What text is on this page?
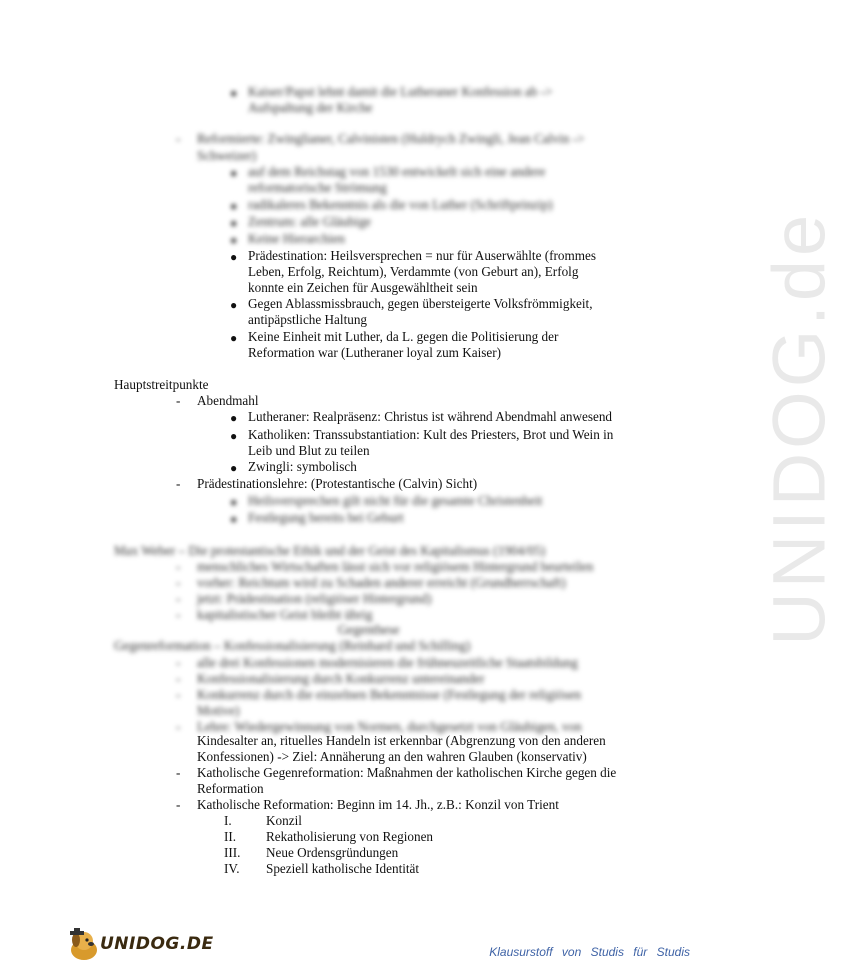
UNIDOG.de
● Kaiser/Papst lehnt damit die Lutheraner Konfession ab ->
Aufspaltung der Kirche
- Reformierte: Zwinglianer, Calvinisten (Huldrych Zwingli, Jean Calvin ->
Schweizer)
● auf dem Reichstag von 1530 entwickelt sich eine andere
reformatorische Strömung
● radikaleres Bekenntnis als die von Luther (Schriftprinzip)
● Zentrum: alle Gläubige
● Keine Hierarchien
● Prädestination: Heilsversprechen = nur für Auserwählte (frommes
Leben, Erfolg, Reichtum), Verdammte (von Geburt an), Erfolg
konnte ein Zeichen für Ausgewähltheit sein
● Gegen Ablassmissbrauch, gegen übersteigerte Volksfrömmigkeit,
antipäpstliche Haltung
● Keine Einheit mit Luther, da L. gegen die Politisierung der
Reformation war (Lutheraner loyal zum Kaiser)
Hauptstreitpunkte
- Abendmahl
● Lutheraner: Realpräsenz: Christus ist während Abendmahl anwesend
● Katholiken: Transsubstantiation: Kult des Priesters, Brot und Wein in
Leib und Blut zu teilen
● Zwingli: symbolisch
- Prädestinationslehre: (Protestantische (Calvin) Sicht)
● Heilsversprechen gilt nicht für die gesamte Christenheit
● Festlegung bereits bei Geburt
Max Weber – Die protestantische Ethik und der Geist des Kapitalismus (1904/05)
- menschliches Wirtschaften lässt sich vor religiösem Hintergrund beurteilen
- vorher: Reichtum wird zu Schaden anderer erreicht (Grundherrschaft)
- jetzt: Prädestination (religiöser Hintergrund)
- kapitalistischer Geist bleibt übrig
Gegenthese
Gegenreformation – Konfessionalisierung (Reinhard und Schilling)
- alle drei Konfessionen modernisieren die frühneuzeitliche Staatsbildung
- Konfessionalisierung durch Konkurrenz untereinander
- Konkurrenz durch die einzelnen Bekenntnisse (Festlegung der religiösen
Motive)
- Lehre: Wiedergewinnung von Normen, durchgesetzt von Gläubigen, von
Kindesalter an, rituelles Handeln ist erkennbar (Abgrenzung von den anderen
Konfessionen) -> Ziel: Annäherung an den wahren Glauben (konservativ)
- Katholische Gegenreformation: Maßnahmen der katholischen Kirche gegen die
Reformation
- Katholische Reformation: Beginn im 14. Jh., z.B.: Konzil von Trient
I.	Konzil
II. Rekatholisierung von Regionen
III. Neue Ordensgründungen
IV. Speziell katholische Identität
UNIDOG.DE	Klausurstoff von Studis für Studis
